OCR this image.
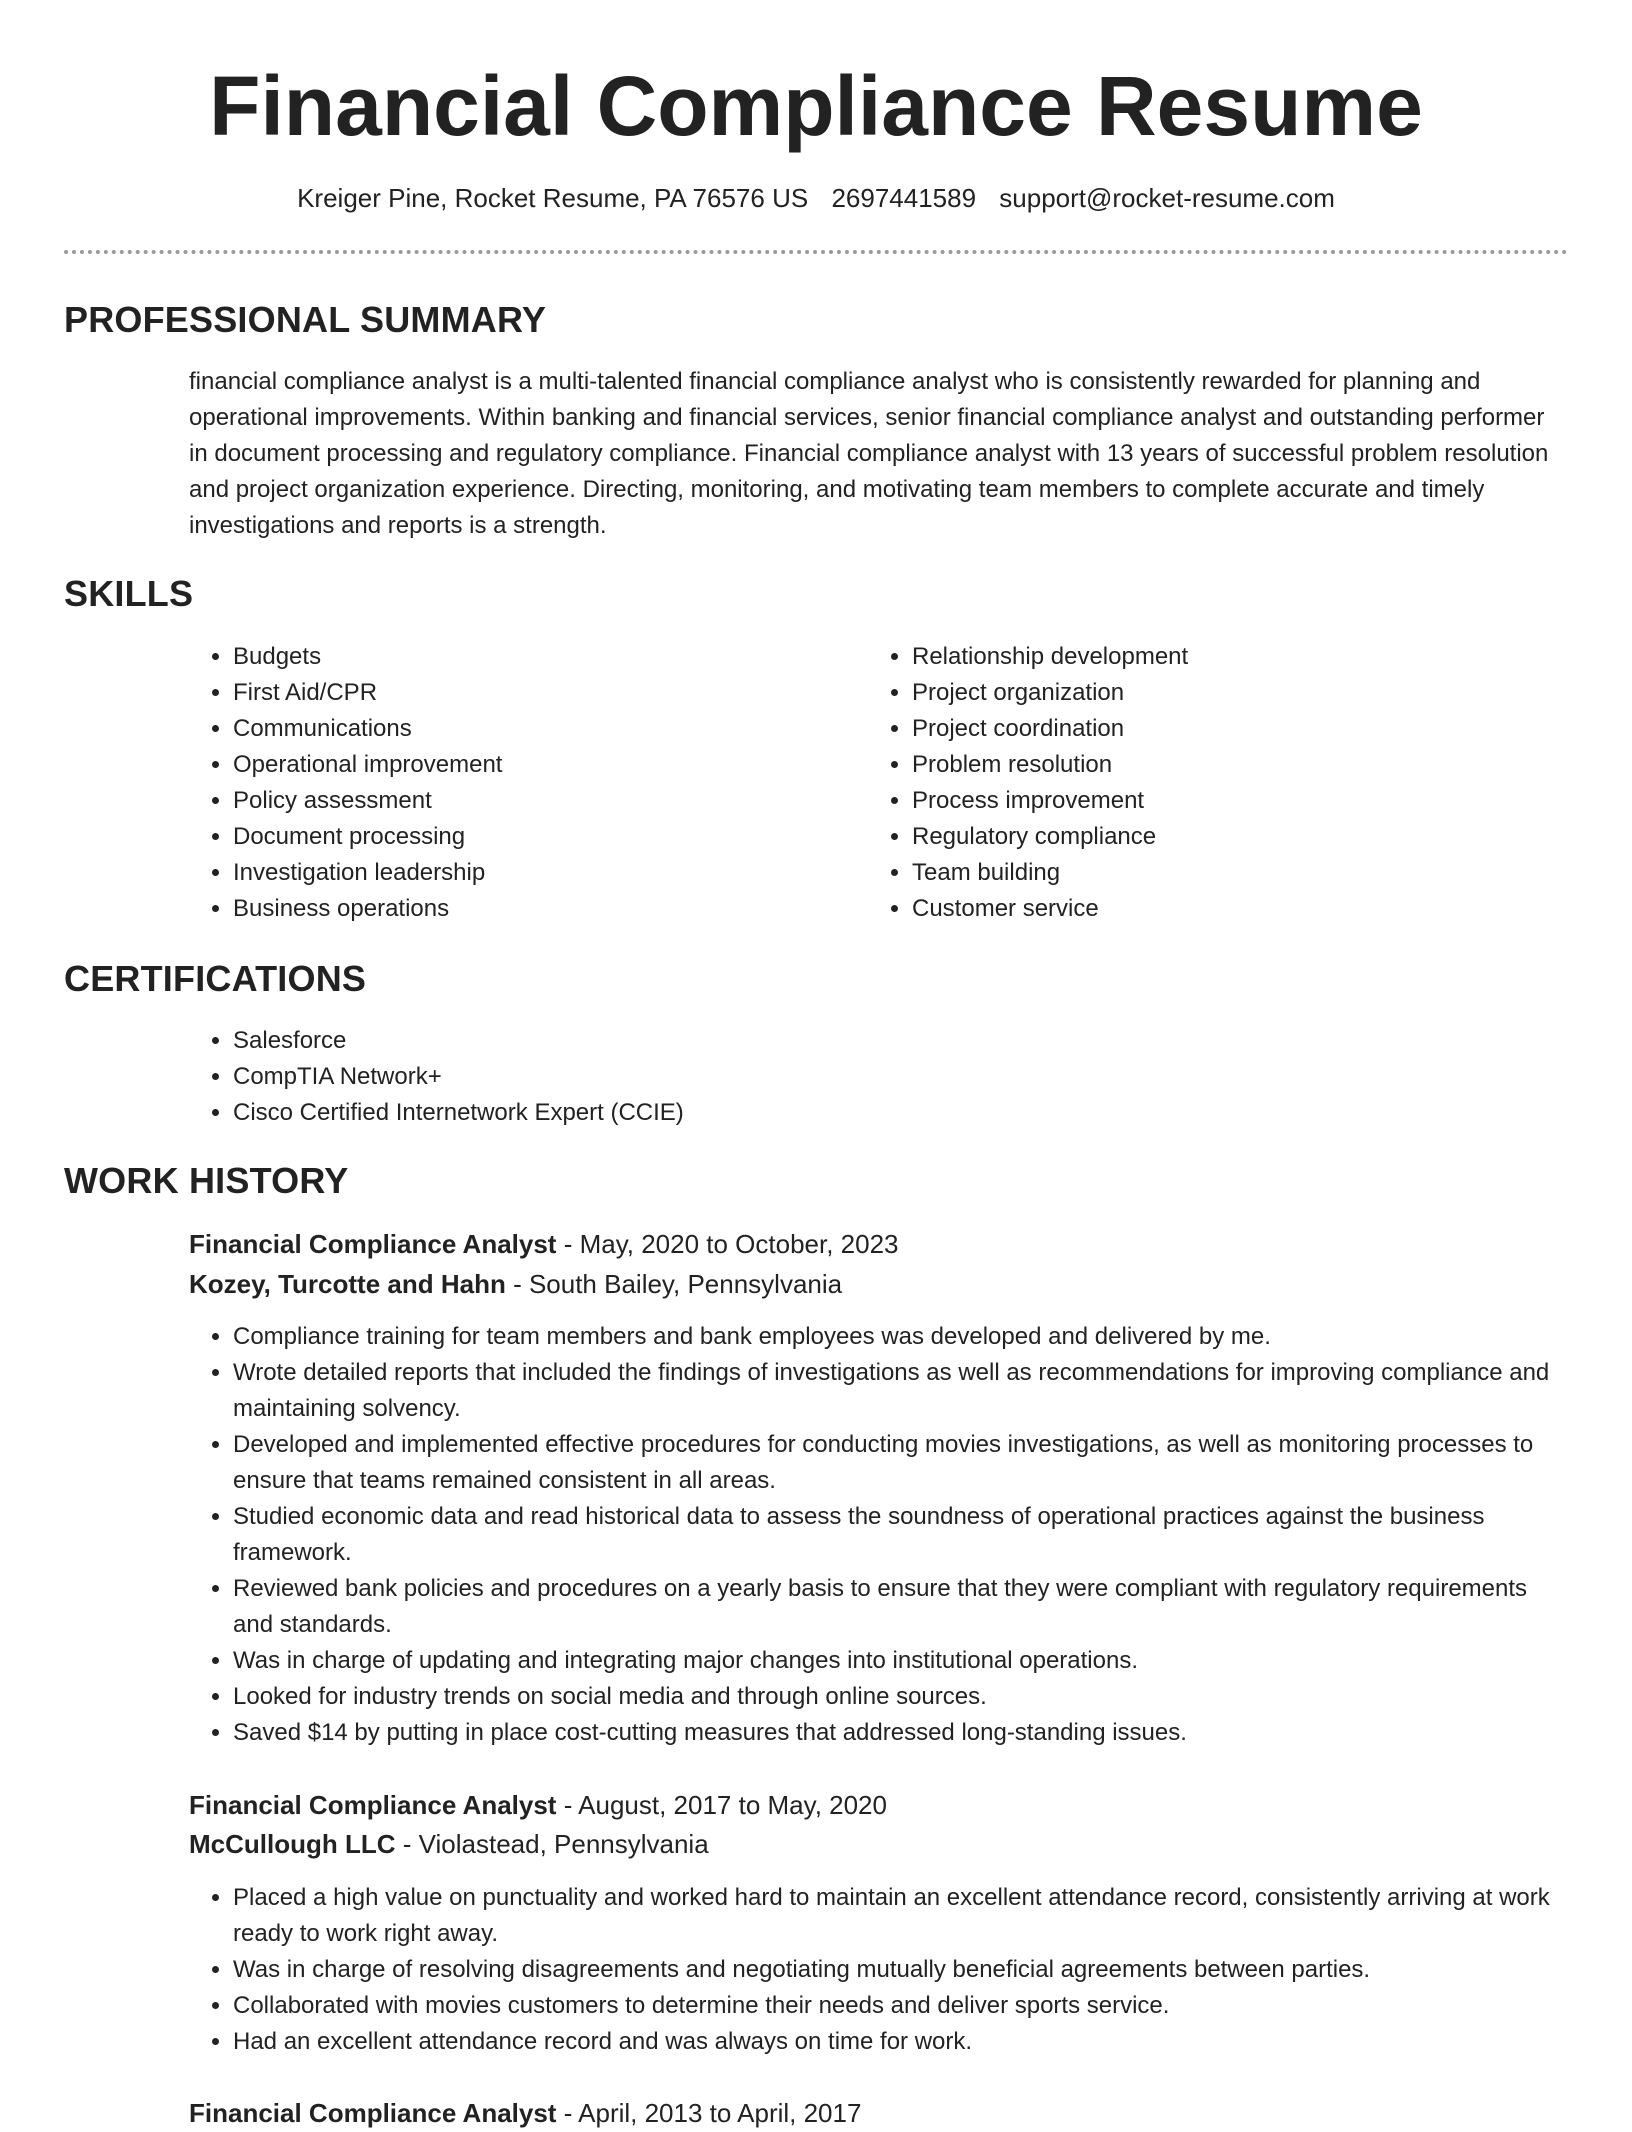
Financial Compliance Resume
Kreiger Pine, Rocket Resume, PA 76576 US 2697441589 support@rocket-resume.com
PROFESSIONAL SUMMARY

financial compliance analyst is a multi-talented financial compliance analyst who is consistently rewarded for planning and operational improvements. Within banking and financial services, senior financial compliance analyst and outstanding performer in document processing and regulatory compliance. Financial compliance analyst with 13 years of successful problem resolution and project organization experience. Directing, monitoring, and motivating team members to complete accurate and timely investigations and reports is a strength.

SKILLS
• Budgets
• First Aid/CPR
• Communications
• Operational improvement
• Policy assessment
• Document processing
• Investigation leadership
• Business operations
• Relationship development
• Project organization
• Project coordination
• Problem resolution
• Process improvement
• Regulatory compliance
• Team building
• Customer service
CERTIFICATIONS
• Salesforce
• CompTIA Network+
• Cisco Certified Internetwork Expert (CCIE)
WORK HISTORY
Financial Compliance Analyst - May, 2020 to October, 2023
Kozey, Turcotte and Hahn - South Bailey, Pennsylvania
• Compliance training for team members and bank employees was developed and delivered by me.
• Wrote detailed reports that included the findings of investigations as well as recommendations for improving compliance and maintaining solvency.
• Developed and implemented effective procedures for conducting movies investigations, as well as monitoring processes to ensure that teams remained consistent in all areas.
• Studied economic data and read historical data to assess the soundness of operational practices against the business framework.
• Reviewed bank policies and procedures on a yearly basis to ensure that they were compliant with regulatory requirements and standards.
• Was in charge of updating and integrating major changes into institutional operations.
• Looked for industry trends on social media and through online sources.
• Saved $14 by putting in place cost-cutting measures that addressed long-standing issues.
Financial Compliance Analyst - August, 2017 to May, 2020
McCullough LLC - Violastead, Pennsylvania
• Placed a high value on punctuality and worked hard to maintain an excellent attendance record, consistently arriving at work ready to work right away.
• Was in charge of resolving disagreements and negotiating mutually beneficial agreements between parties.
• Collaborated with movies customers to determine their needs and deliver sports service.
• Had an excellent attendance record and was always on time for work.
Financial Compliance Analyst - April, 2013 to April, 2017
